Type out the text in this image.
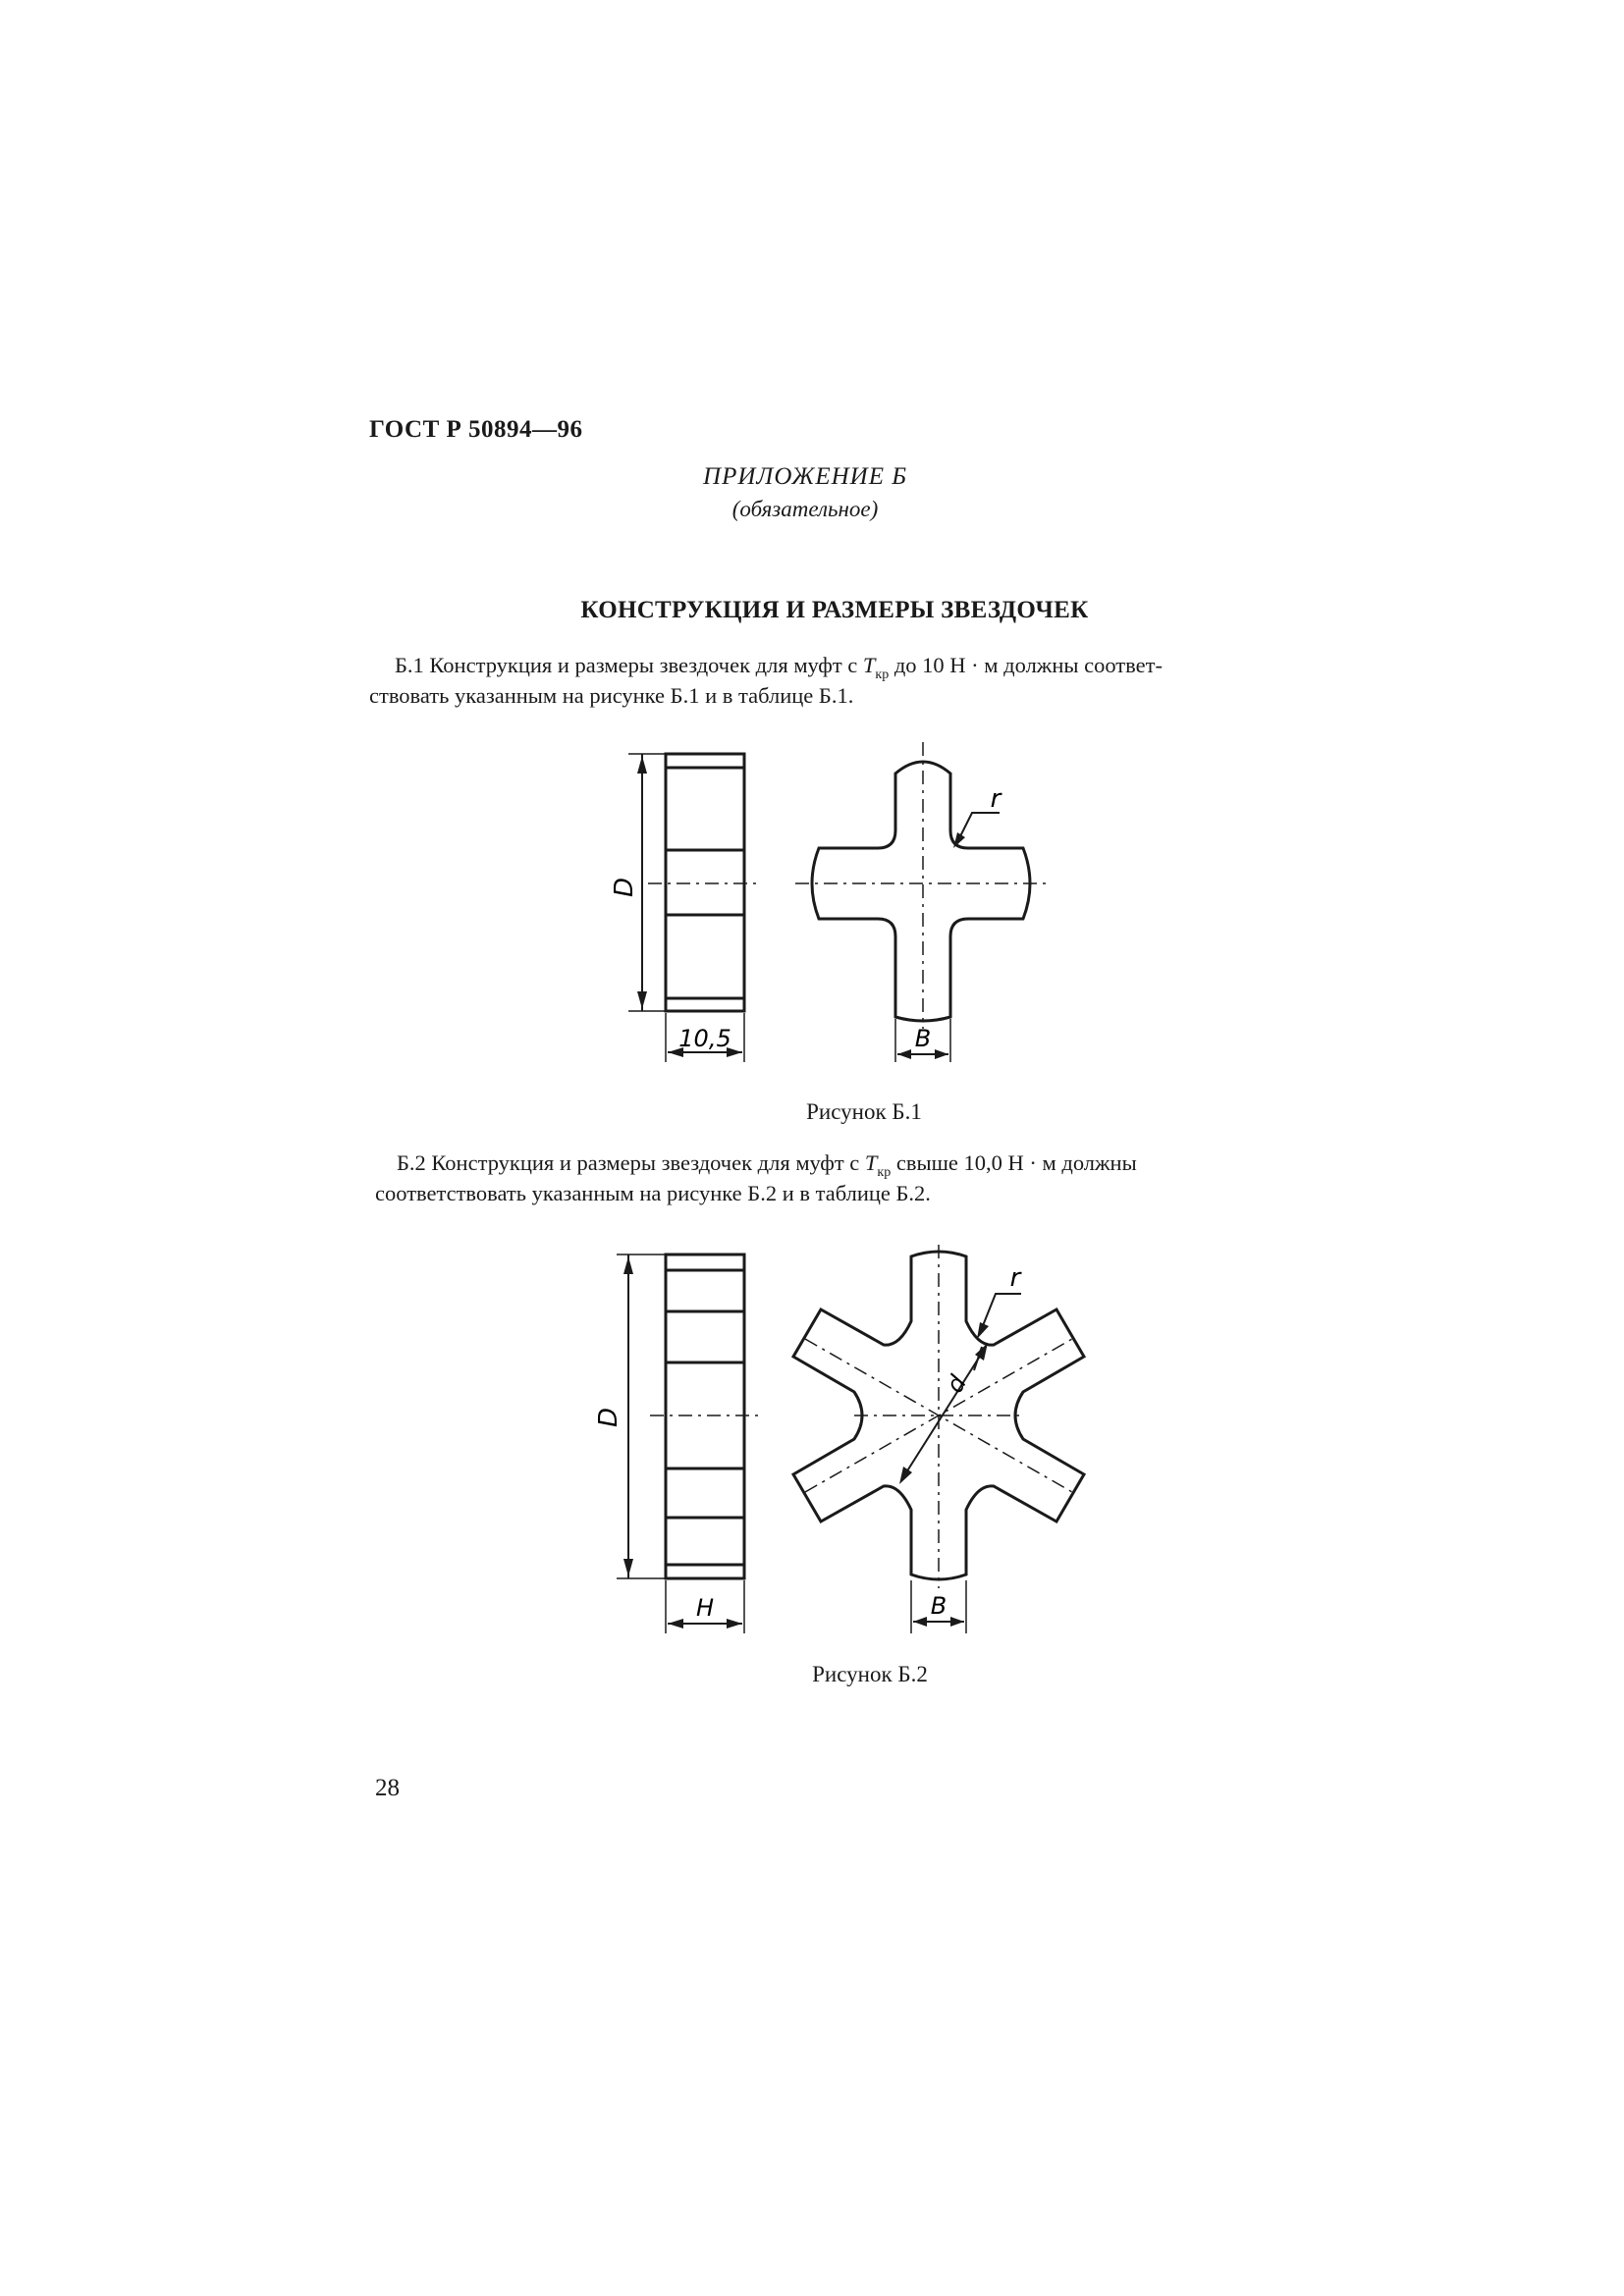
ГОСТ Р 50894—96
ПРИЛОЖЕНИЕ Б
(обязательное)
КОНСТРУКЦИЯ И РАЗМЕРЫ ЗВЕЗДОЧЕК
Б.1 Конструкция и размеры звездочек для муфт с $T_{кр}$ до 10 Н · м должны соответ-
ствовать указанным на рисунке Б.1 и в таблице Б.1.
D
10,5	B
r
Рисунок Б.1
Б.2 Конструкция и размеры звездочек для муфт с $T_{кр}$ свыше 10,0 Н · м должны
соответствовать указанным на рисунке Б.2 и в таблице Б.2.
D
H	B
r
d
Рисунок Б.2
28
